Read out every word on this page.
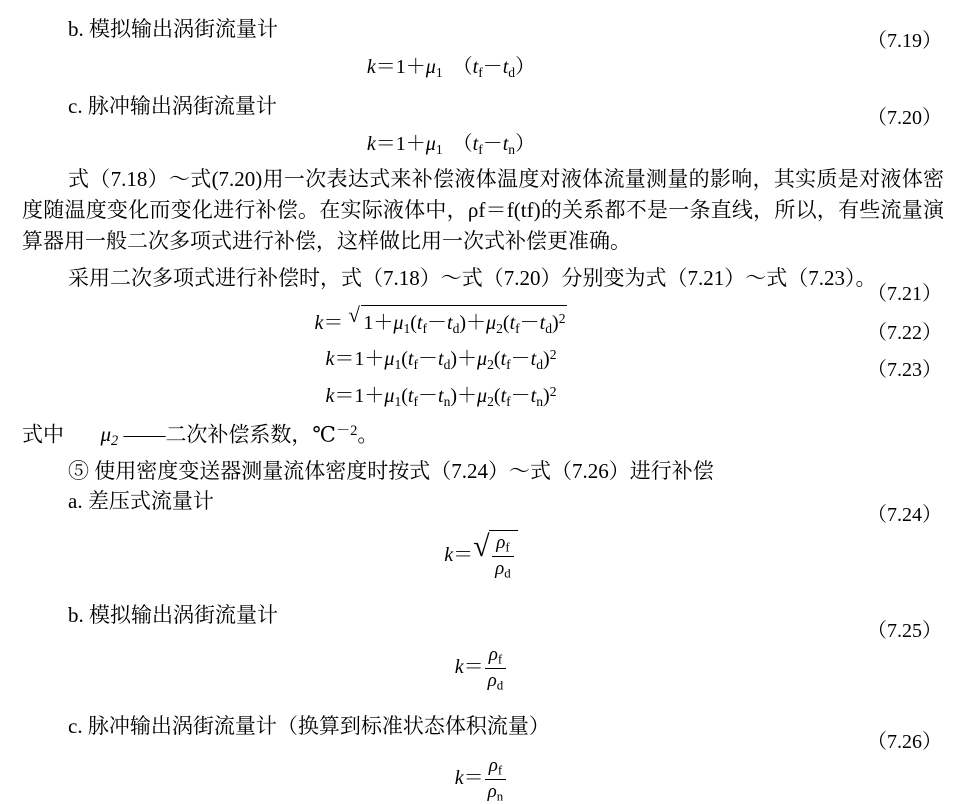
b. 模拟输出涡街流量计
$k=1+\mu_1$　$(t_f-t_d)$
（7.19）
c. 脉冲输出涡街流量计
$k=1+\mu_1$　$(t_f-t_n)$
（7.20）
式（7.18）～式(7.20)用一次表达式来补偿液体温度对液体流量测量的影响，其实质是对液体密度随温度变化而变化进行补偿。在实际液体中，ρf＝f(tf)的关系都不是一条直线，所以，有些流量演算器用一般二次多项式进行补偿，这样做比用一次式补偿更准确。
采用二次多项式进行补偿时，式（7.18）～式（7.20）分别变为式（7.21）～式（7.23）。
k＝ √ $1+\mu_1(t_f-t_d)+\mu_2(t_f-t_d)^2$
（7.21）
$k=1+\mu_1(t_f-t_d)+\mu_2(t_f-t_d)^2$
（7.22）
$k=1+\mu_1(t_f-t_n)+\mu_2(t_f-t_n)^2$
（7.23）
式中 $\mu_2$ ——二次补偿系数，℃$^{-2}$。
⑤ 使用密度变送器测量流体密度时按式（7.24）～式（7.26）进行补偿
a. 差压式流量计
k＝ √ $\frac{\rho_f}{\rho_d}$
（7.24）
b. 模拟输出涡街流量计
$k= \frac{\rho_f}{\rho_d}$
（7.25）
c. 脉冲输出涡街流量计（换算到标准状态体积流量）
$k= \frac{\rho_f}{\rho_n}$
（7.26）
